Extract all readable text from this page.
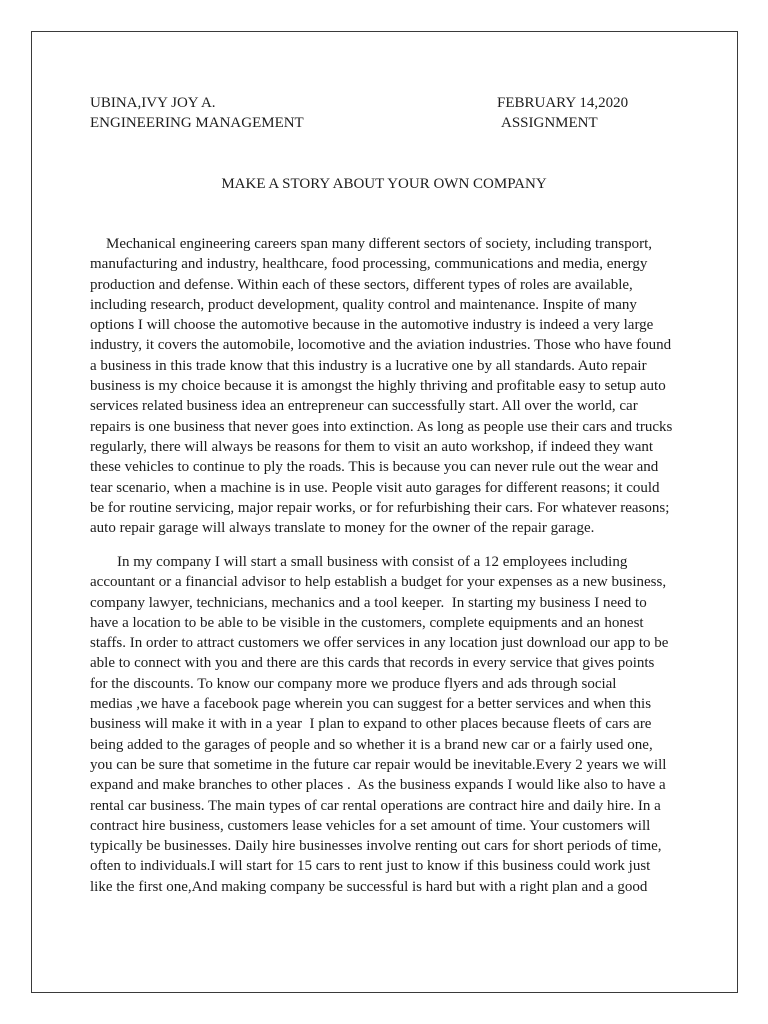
UBINA,IVY JOY A.	FEBRUARY 14,2020
ENGINEERING MANAGEMENT	ASSIGNMENT
MAKE A STORY ABOUT YOUR OWN COMPANY
Mechanical engineering careers span many different sectors of society, including transport,
manufacturing and industry, healthcare, food processing, communications and media, energy
production and defense. Within each of these sectors, different types of roles are available,
including research, product development, quality control and maintenance. Inspite of many
options I will choose the automotive because in the automotive industry is indeed a very large
industry, it covers the automobile, locomotive and the aviation industries. Those who have found
a business in this trade know that this industry is a lucrative one by all standards. Auto repair
business is my choice because it is amongst the highly thriving and profitable easy to setup auto
services related business idea an entrepreneur can successfully start. All over the world, car
repairs is one business that never goes into extinction. As long as people use their cars and trucks
regularly, there will always be reasons for them to visit an auto workshop, if indeed they want
these vehicles to continue to ply the roads. This is because you can never rule out the wear and
tear scenario, when a machine is in use. People visit auto garages for different reasons; it could
be for routine servicing, major repair works, or for refurbishing their cars. For whatever reasons;
auto repair garage will always translate to money for the owner of the repair garage.
In my company I will start a small business with consist of a 12 employees including
accountant or a financial advisor to help establish a budget for your expenses as a new business,
company lawyer, technicians, mechanics and a tool keeper.  In starting my business I need to
have a location to be able to be visible in the customers, complete equipments and an honest
staffs. In order to attract customers we offer services in any location just download our app to be
able to connect with you and there are this cards that records in every service that gives points
for the discounts. To know our company more we produce flyers and ads through social
medias ,we have a facebook page wherein you can suggest for a better services and when this
business will make it with in a year  I plan to expand to other places because fleets of cars are
being added to the garages of people and so whether it is a brand new car or a fairly used one,
you can be sure that sometime in the future car repair would be inevitable.Every 2 years we will
expand and make branches to other places .  As the business expands I would like also to have a
rental car business. The main types of car rental operations are contract hire and daily hire. In a
contract hire business, customers lease vehicles for a set amount of time. Your customers will
typically be businesses. Daily hire businesses involve renting out cars for short periods of time,
often to individuals.I will start for 15 cars to rent just to know if this business could work just
like the first one,And making company be successful is hard but with a right plan and a good
